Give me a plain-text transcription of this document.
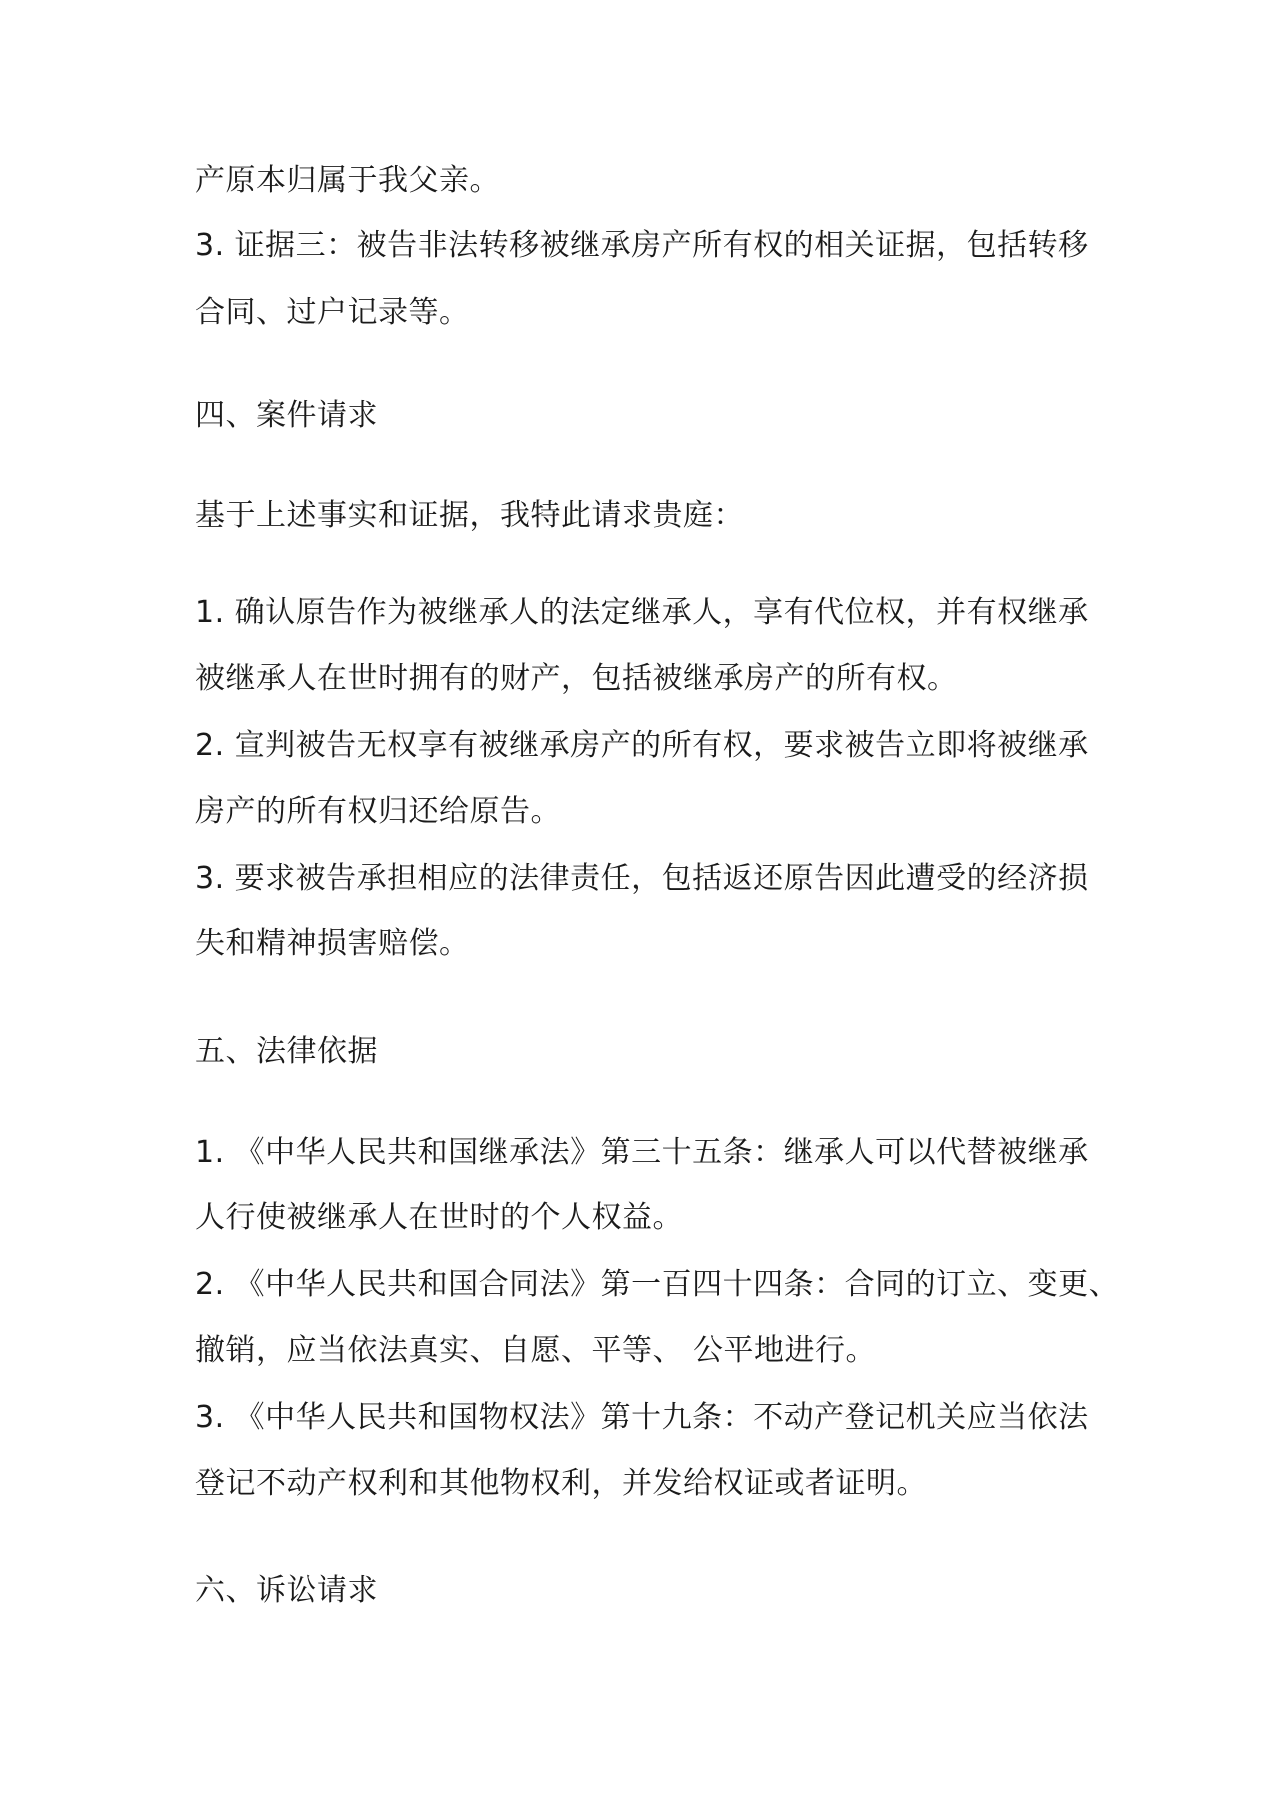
产原本归属于我父亲。
3. 证据三：被告非法转移被继承房产所有权的相关证据，包括转移
合同、过户记录等。
四、案件请求
基于上述事实和证据，我特此请求贵庭：
1. 确认原告作为被继承人的法定继承人，享有代位权，并有权继承
被继承人在世时拥有的财产，包括被继承房产的所有权。
2. 宣判被告无权享有被继承房产的所有权，要求被告立即将被继承
房产的所有权归还给原告。
3. 要求被告承担相应的法律责任，包括返还原告因此遭受的经济损
失和精神损害赔偿。
五、法律依据
1. 《中华人民共和国继承法》第三十五条：继承人可以代替被继承
人行使被继承人在世时的个人权益。
2. 《中华人民共和国合同法》第一百四十四条：合同的订立、变更、
撤销，应当依法真实、自愿、平等、 公平地进行。
3. 《中华人民共和国物权法》第十九条：不动产登记机关应当依法
登记不动产权利和其他物权利，并发给权证或者证明。
六、诉讼请求
